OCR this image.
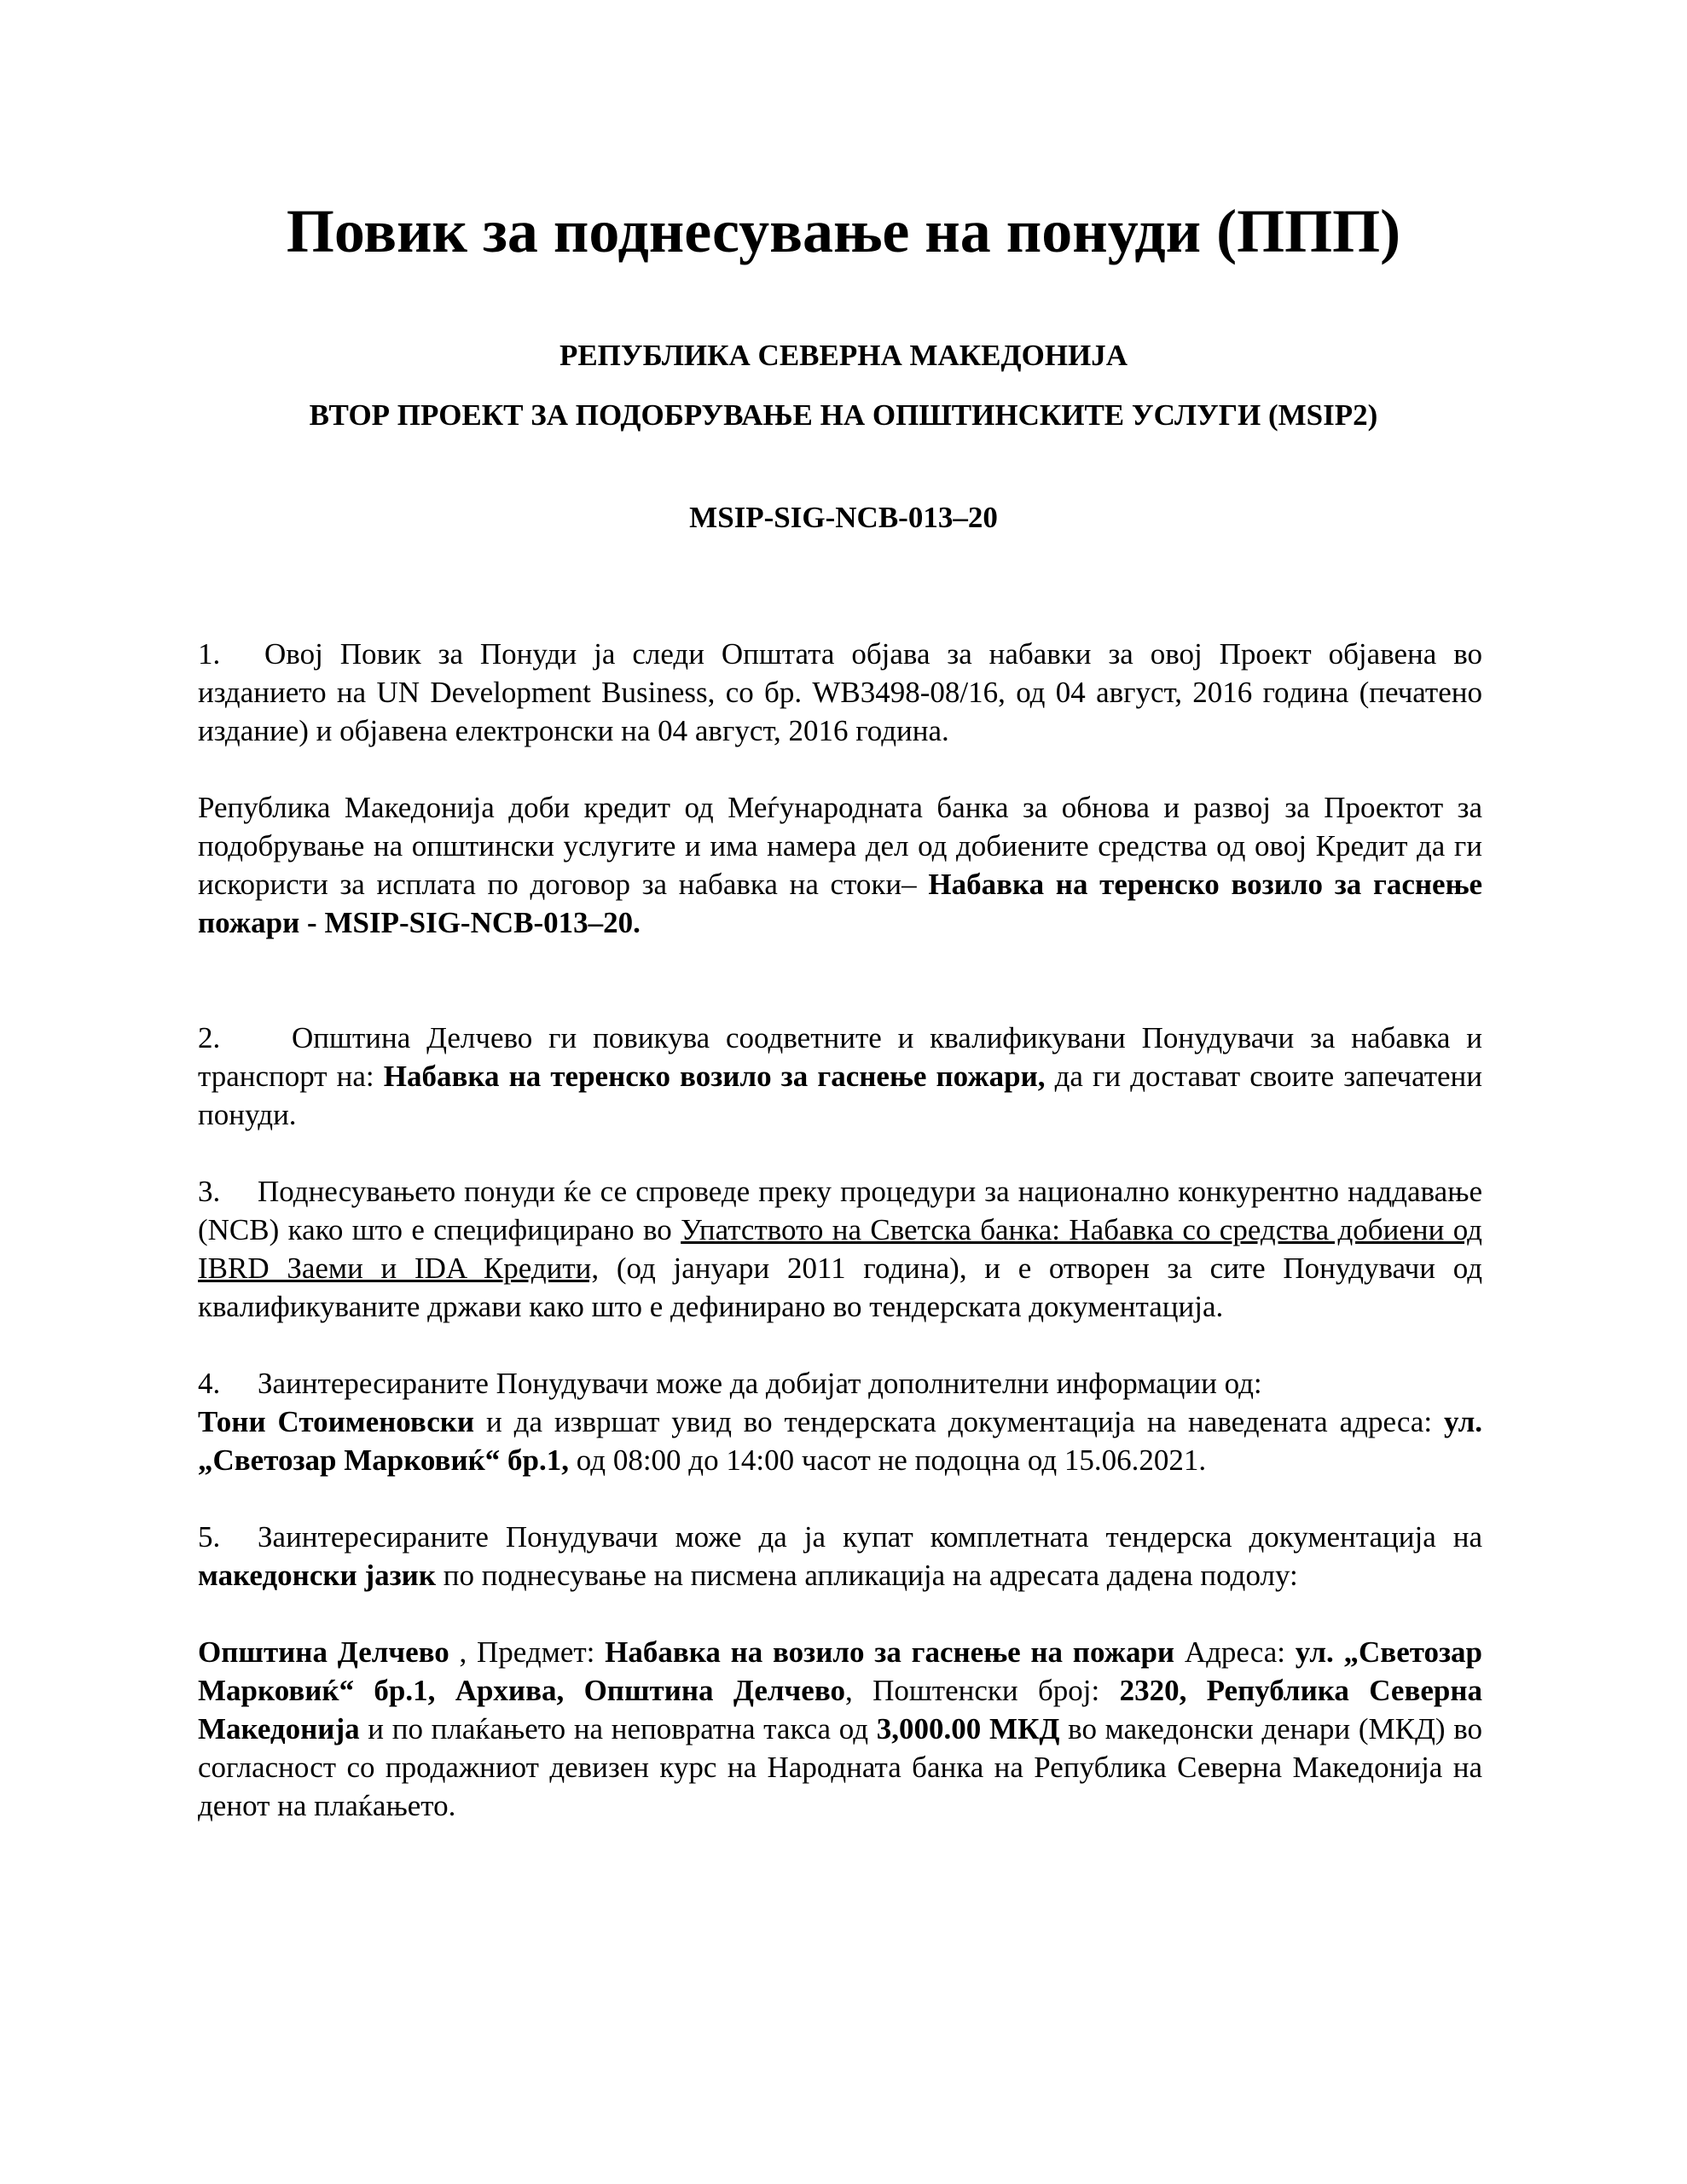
Повик за поднесување на понуди (ППП)
РЕПУБЛИКА СЕВЕРНА МАКЕДОНИЈА
ВТОР ПРОЕКТ ЗА ПОДОБРУВАЊЕ НА ОПШТИНСКИТЕ УСЛУГИ (MSIP2)
MSIP-SIG-NCB-013–20

1. Овој Повик за Понуди ја следи Општата објава за набавки за овој Проект објавена во изданието на UN Development Business, со бр. WB3498-08/16, од 04 август, 2016 година (печатено издание) и објавена електронски на 04 август, 2016 година.

Република Македонија доби кредит од Меѓународната банка за обнова и развој за Проектот за подобрување на општински услугите и има намера дел од добиените средства од овој Кредит да ги искористи за исплата по договор за набавка на стоки– Набавка на теренско возило за гаснење пожари - MSIP-SIG-NCB-013–20.

2. Општина Делчево ги повикува соодветните и квалификувани Понудувачи за набавка и транспорт на: Набавка на теренско возило за гаснење пожари, да ги достават своите запечатени понуди.

3. Поднесувањето понуди ќе се спроведе преку процедури за национално конкурентно наддавање (NCB) како што е специфицирано во Упатството на Светска банка: Набавка со средства добиени од IBRD Заеми и IDA Кредити, (од јануари 2011 година), и е отворен за сите Понудувачи од квалификуваните држави како што е дефинирано во тендерската документација.

4. Заинтересираните Понудувачи може да добијат дополнителни информации од:

Тони Стоименовски и да извршат увид во тендерската документација на наведената адреса: ул. „Светозар Марковиќ“ бр.1, од 08:00 до 14:00 часот не подоцна од 15.06.2021.

5. Заинтересираните Понудувачи може да ја купат комплетната тендерска документација на македонски јазик по поднесување на писмена апликација на адресата дадена подолу:

Општина Делчево , Предмет: Набавка на возило за гаснење на пожари Адреса: ул. „Светозар Марковиќ“ бр.1, Архива, Општина Делчево, Поштенски број: 2320, Република Северна Македонија и по плаќањето на неповратна такса од 3,000.00 МКД во македонски денари (МКД) во согласност со продажниот девизен курс на Народната банка на Република Северна Македонија на денот на плаќањето.
